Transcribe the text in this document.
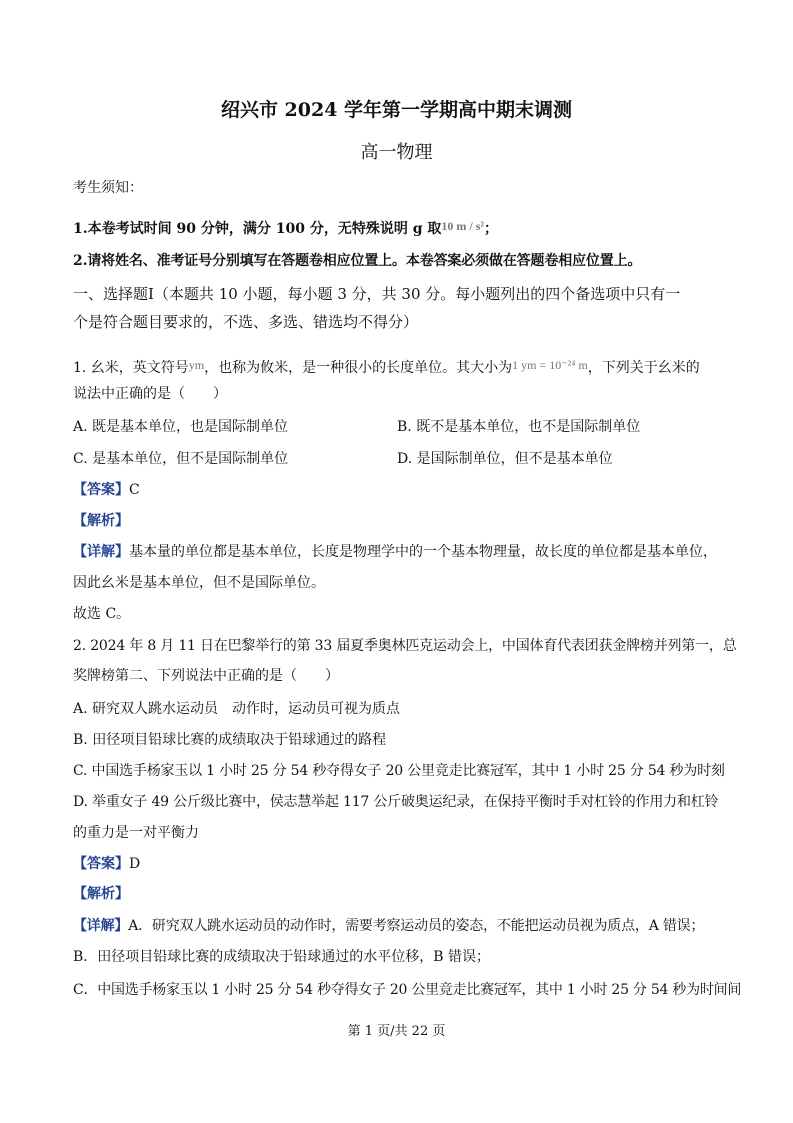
绍兴市 2024 学年第一学期高中期末调测
高一物理
考生须知：
1.本卷考试时间 90 分钟，满分 100 分，无特殊说明 g 取10 m / s²；
2.请将姓名、准考证号分别填写在答题卷相应位置上。本卷答案必须做在答题卷相应位置上。
一、选择题Ⅰ（本题共 10 小题，每小题 3 分，共 30 分。每小题列出的四个备选项中只有一
个是符合题目要求的，不选、多选、错选均不得分）
1. 幺米，英文符号ym，也称为攸米，是一种很小的长度单位。其大小为1 ym = 10⁻²⁴ m，下列关于幺米的
说法中正确的是（　　）
A. 既是基本单位，也是国际制单位	B. 既不是基本单位，也不是国际制单位
C. 是基本单位，但不是国际制单位	D. 是国际制单位，但不是基本单位
【答案】C
【解析】
【详解】基本量的单位都是基本单位，长度是物理学中的一个基本物理量，故长度的单位都是基本单位，
因此幺米是基本单位，但不是国际单位。
故选 C。
2. 2024 年 8 月 11 日在巴黎举行的第 33 届夏季奥林匹克运动会上，中国体育代表团获金牌榜并列第一，总
奖牌榜第二、下列说法中正确的是（　　）
A. 研究双人跳水运动员　动作时，运动员可视为质点
B. 田径项目铅球比赛的成绩取决于铅球通过的路程
C. 中国选手杨家玉以 1 小时 25 分 54 秒夺得女子 20 公里竞走比赛冠军，其中 1 小时 25 分 54 秒为时刻
D. 举重女子 49 公斤级比赛中，侯志慧举起 117 公斤破奥运纪录，在保持平衡时手对杠铃的作用力和杠铃
的重力是一对平衡力
【答案】D
【解析】
【详解】A．研究双人跳水运动员的动作时，需要考察运动员的姿态，不能把运动员视为质点，A 错误；
B．田径项目铅球比赛的成绩取决于铅球通过的水平位移，B 错误；
C．中国选手杨家玉以 1 小时 25 分 54 秒夺得女子 20 公里竞走比赛冠军，其中 1 小时 25 分 54 秒为时间间
第 1 页/共 22 页
